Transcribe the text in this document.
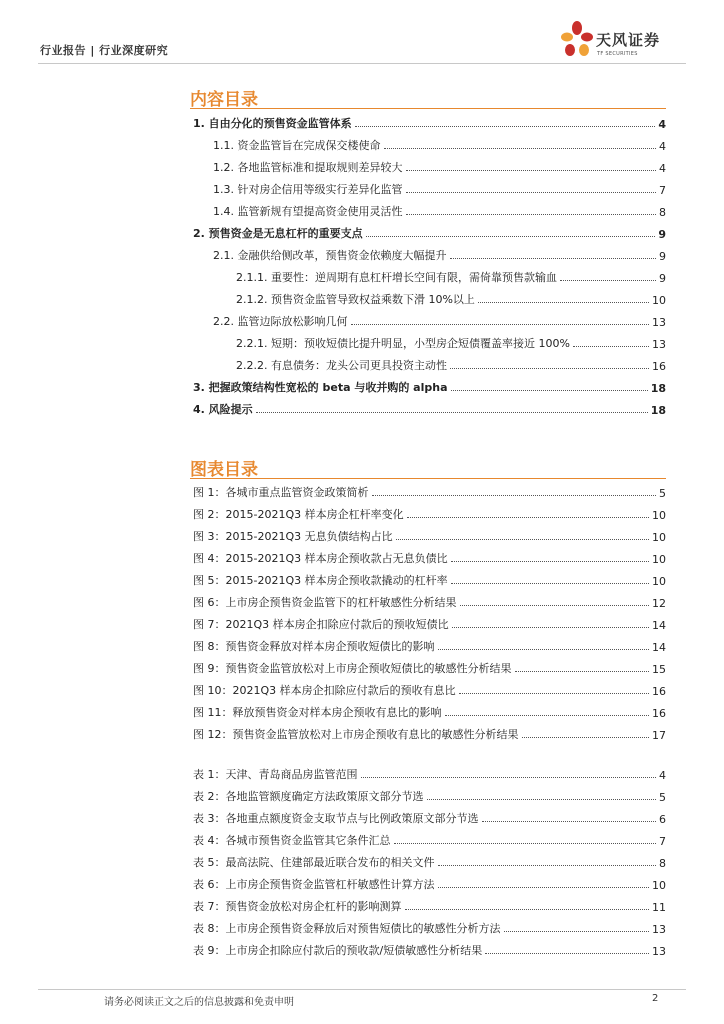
行业报告 | 行业深度研究
天风证券
TF SECURITIES
内容目录
1. 自由分化的预售资金监管体系	4
1.1. 资金监管旨在完成保交楼使命	4
1.2. 各地监管标准和提取规则差异较大	4
1.3. 针对房企信用等级实行差异化监管	7
1.4. 监管新规有望提高资金使用灵活性	8
2. 预售资金是无息杠杆的重要支点	9
2.1. 金融供给侧改革，预售资金依赖度大幅提升	9
2.1.1. 重要性：逆周期有息杠杆增长空间有限，需倚靠预售款输血	9
2.1.2. 预售资金监管导致权益乘数下滑 10%以上	10
2.2. 监管边际放松影响几何	13
2.2.1. 短期：预收短债比提升明显，小型房企短债覆盖率接近 100%	13
2.2.2. 有息债务：龙头公司更具投资主动性	16
3. 把握政策结构性宽松的 beta 与收并购的 alpha	18
4. 风险提示	18
图表目录
图 1：各城市重点监管资金政策简析	5
图 2：2015-2021Q3 样本房企杠杆率变化	10
图 3：2015-2021Q3 无息负债结构占比	10
图 4：2015-2021Q3 样本房企预收款占无息负债比	10
图 5：2015-2021Q3 样本房企预收款撬动的杠杆率	10
图 6：上市房企预售资金监管下的杠杆敏感性分析结果	12
图 7：2021Q3 样本房企扣除应付款后的预收短债比	14
图 8：预售资金释放对样本房企预收短债比的影响	14
图 9：预售资金监管放松对上市房企预收短债比的敏感性分析结果	15
图 10：2021Q3 样本房企扣除应付款后的预收有息比	16
图 11：释放预售资金对样本房企预收有息比的影响	16
图 12：预售资金监管放松对上市房企预收有息比的敏感性分析结果	17
表 1：天津、青岛商品房监管范围	4
表 2：各地监管额度确定方法政策原文部分节选	5
表 3：各地重点额度资金支取节点与比例政策原文部分节选	6
表 4：各城市预售资金监管其它条件汇总	7
表 5：最高法院、住建部最近联合发布的相关文件	8
表 6：上市房企预售资金监管杠杆敏感性计算方法	10
表 7：预售资金放松对房企杠杆的影响测算	11
表 8：上市房企预售资金释放后对预售短债比的敏感性分析方法	13
表 9：上市房企扣除应付款后的预收款/短债敏感性分析结果	13
请务必阅读正文之后的信息披露和免责申明	2
